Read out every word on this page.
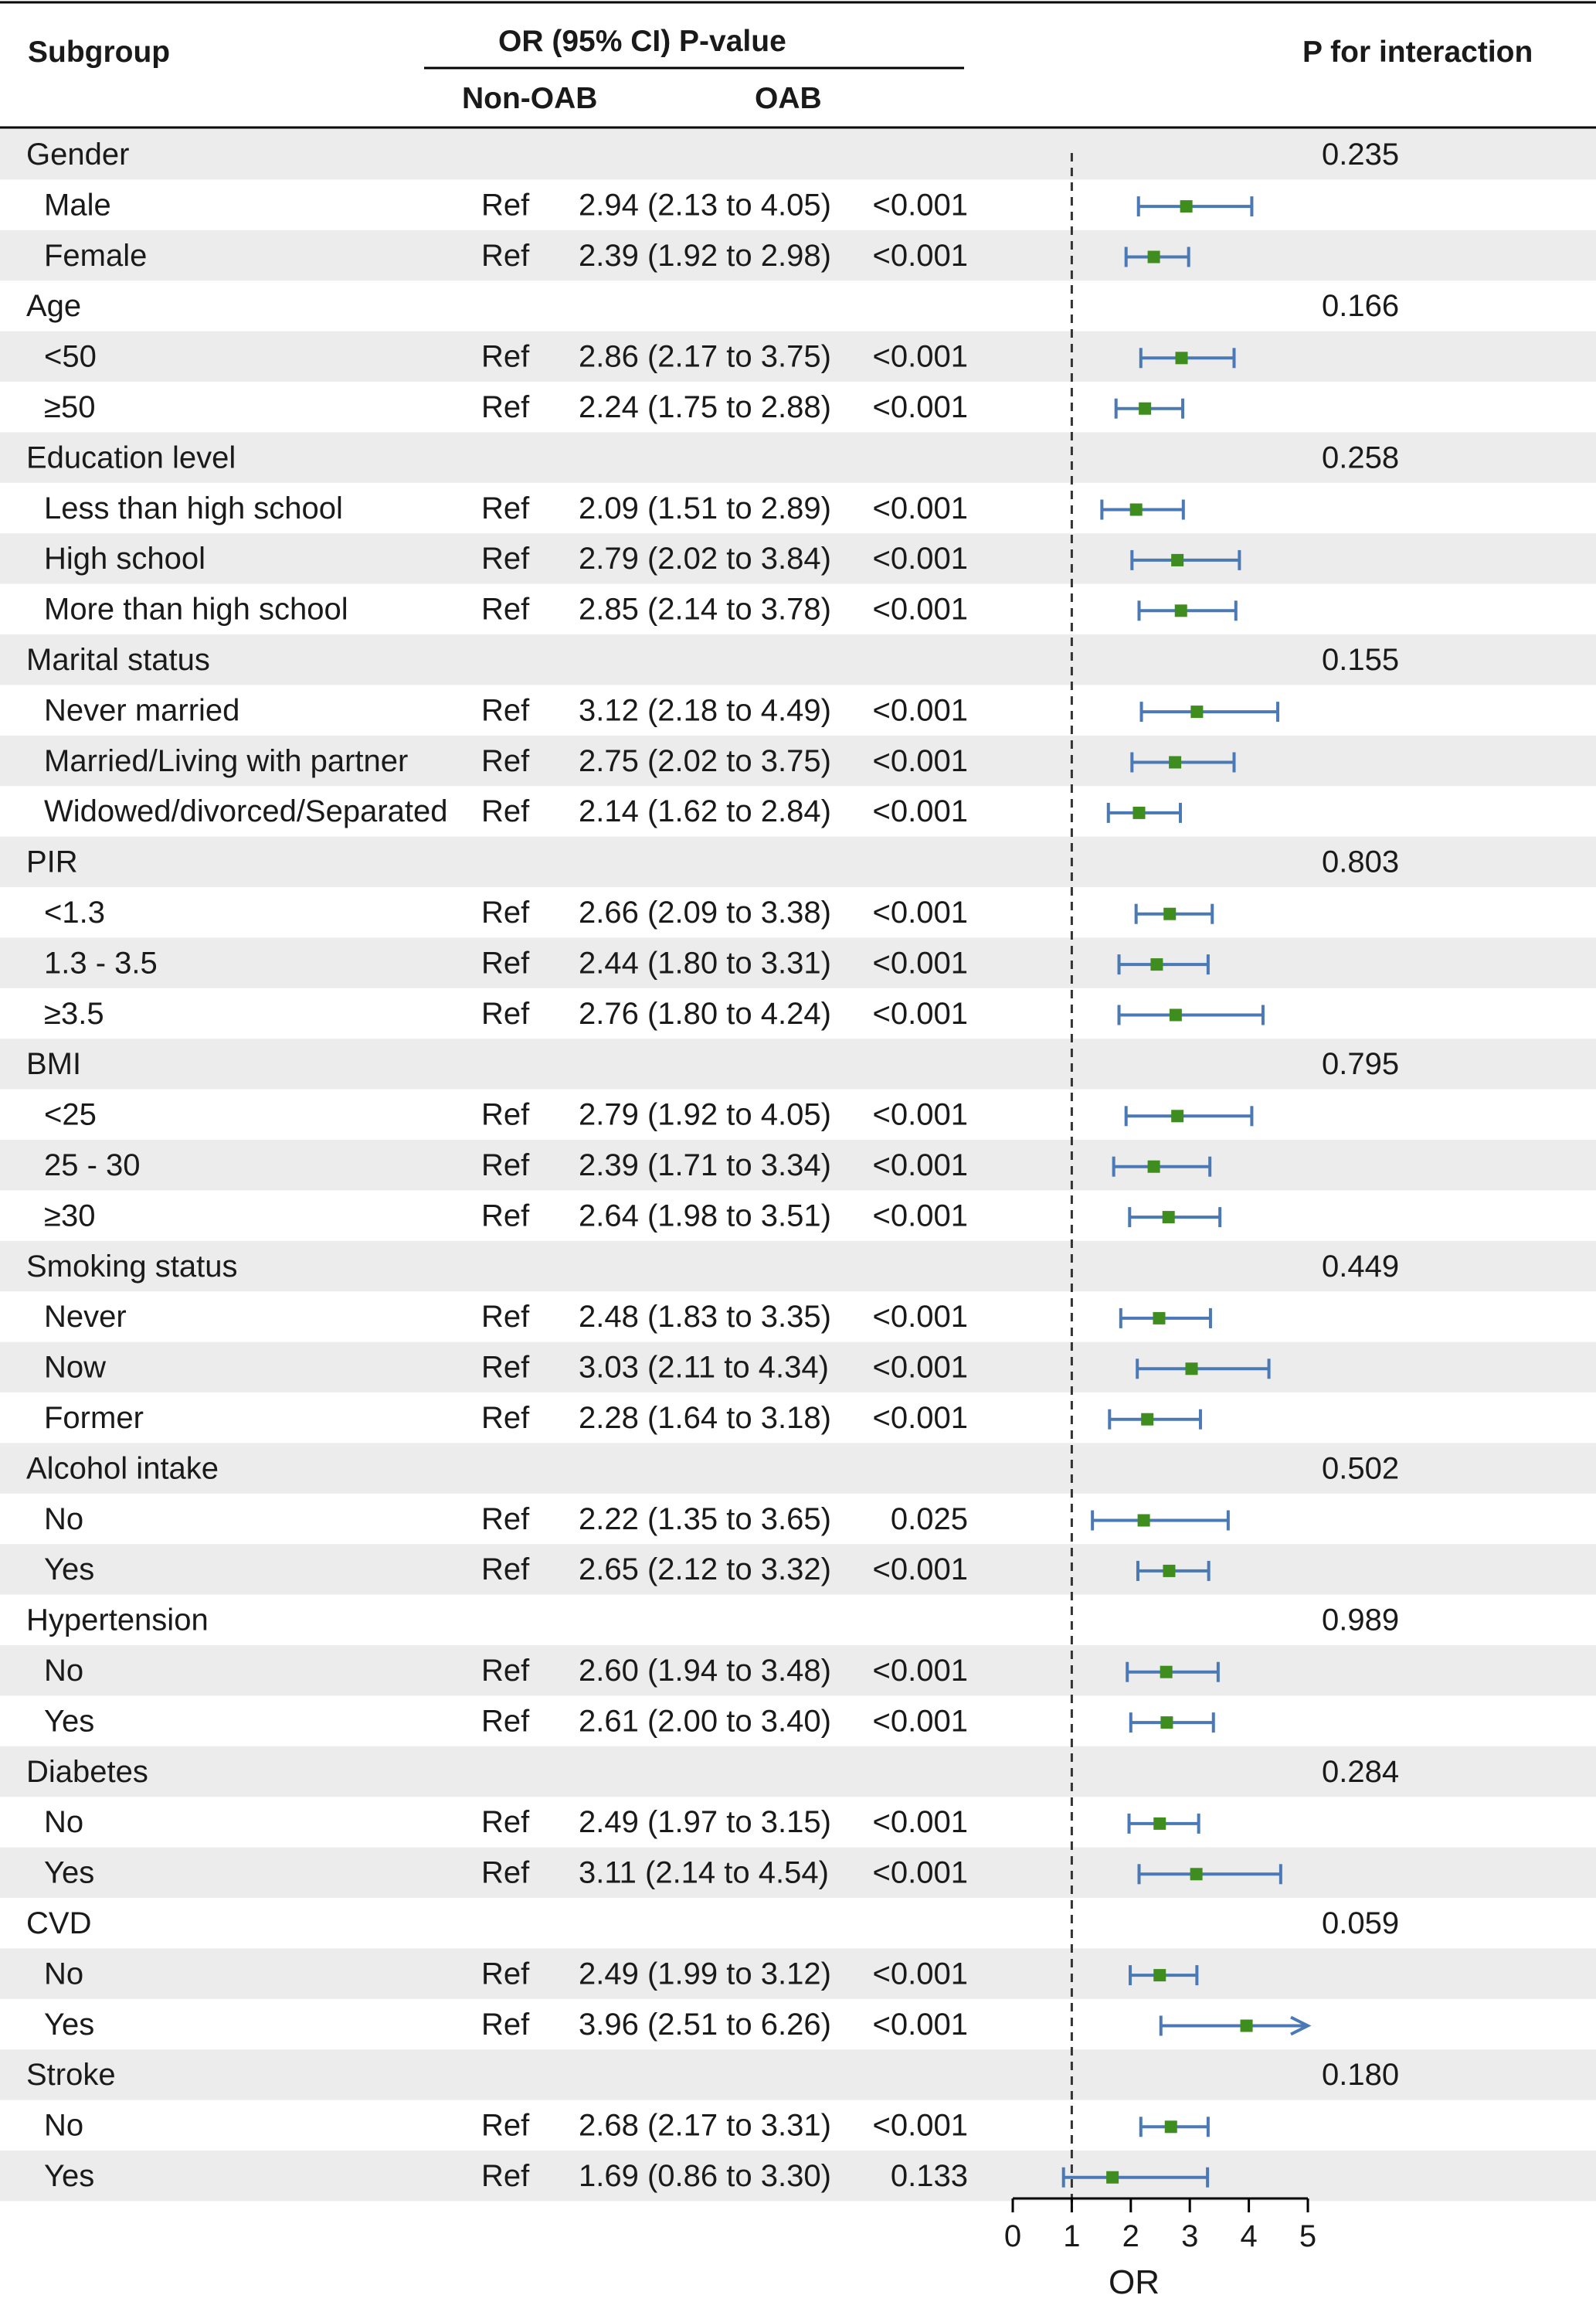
Subgroup	OR (95% CI) P-value
Non-OAB	OAB
P for interaction
Gender	0.235
Male	Ref 2.94 (2.13 to 4.05) <0.001
Female	Ref 2.39 (1.92 to 2.98) <0.001
Age	0.166
<50	Ref 2.86 (2.17 to 3.75) <0.001
≥50	Ref 2.24 (1.75 to 2.88) <0.001
Education level	0.258
Less than high school	Ref 2.09 (1.51 to 2.89) <0.001
High school	Ref 2.79 (2.02 to 3.84) <0.001
More than high school	Ref 2.85 (2.14 to 3.78) <0.001
Marital status	0.155
Never married	Ref 3.12 (2.18 to 4.49) <0.001
Married/Living with partner Ref 2.75 (2.02 to 3.75) <0.001
Widowed/divorced/Separated Ref 2.14 (1.62 to 2.84) <0.001
PIR	0.803
<1.3	Ref 2.66 (2.09 to 3.38) <0.001
1.3 - 3.5	Ref 2.44 (1.80 to 3.31) <0.001
≥3.5	Ref 2.76 (1.80 to 4.24) <0.001
BMI	0.795
<25	Ref 2.79 (1.92 to 4.05) <0.001
25 - 30	Ref 2.39 (1.71 to 3.34) <0.001
≥30	Ref 2.64 (1.98 to 3.51) <0.001
Smoking status	0.449
Never	Ref 2.48 (1.83 to 3.35) <0.001
Now	Ref 3.03 (2.11 to 4.34) <0.001
Former	Ref 2.28 (1.64 to 3.18) <0.001
Alcohol intake	0.502
No	Ref 2.22 (1.35 to 3.65) 0.025
Yes	Ref 2.65 (2.12 to 3.32) <0.001
Hypertension	0.989
No	Ref 2.60 (1.94 to 3.48) <0.001
Yes	Ref 2.61 (2.00 to 3.40) <0.001
Diabetes	0.284
No	Ref 2.49 (1.97 to 3.15) <0.001
Yes	Ref 3.11 (2.14 to 4.54) <0.001
CVD	0.059
No	Ref 2.49 (1.99 to 3.12) <0.001
Yes	Ref 3.96 (2.51 to 6.26) <0.001
Stroke	0.180
No	Ref 2.68 (2.17 to 3.31) <0.001
Yes	Ref 1.69 (0.86 to 3.30) 0.133
0 1 2 3 4 5
OR
